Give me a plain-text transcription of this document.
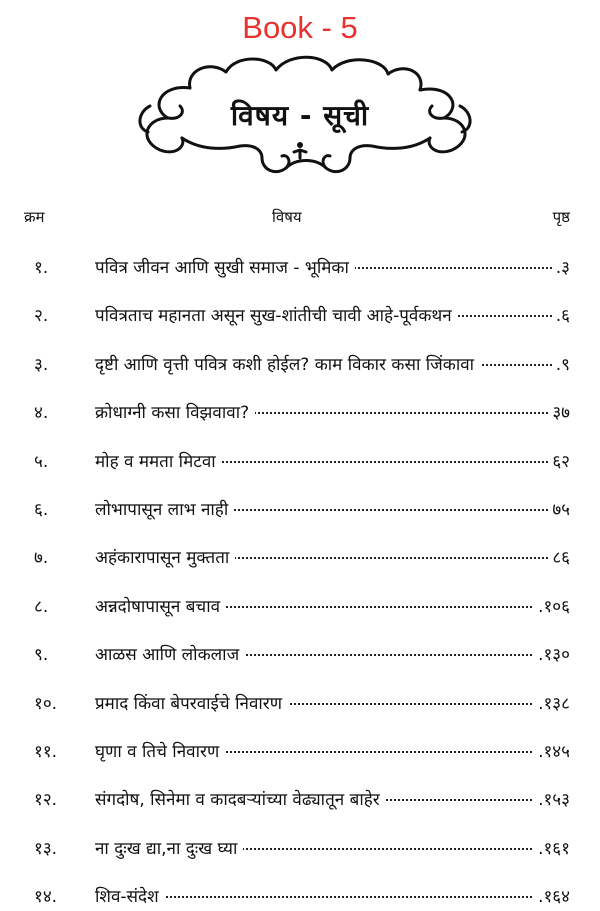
Book - 5
विषय - सूची
क्रम	विषय	पृष्ठ
१.	पवित्र जीवन आणि सुखी समाज - भूमिका	.३
२.	पवित्रताच महानता असून सुख-शांतीची चावी आहे-पूर्वकथन	.६
३.	दृष्टी आणि वृत्ती पवित्र कशी होईल? काम विकार कसा जिंकावा	.९
४.	क्रोधाग्नी कसा विझवावा?	३७
५.	मोह व ममता मिटवा	६२
६.	लोभापासून लाभ नाही	७५
७.	अहंकारापासून मुक्तता	८६
८.	अन्नदोषापासून बचाव	.१०६
९.	आळस आणि लोकलाज	.१३०
१०.	प्रमाद किंवा बेपरवाईचे निवारण	.१३८
११.	घृणा व तिचे निवारण	.१४५
१२.	संगदोष, सिनेमा व कादबऱ्यांच्या वेढ्यातून बाहेर	.१५३
१३.	ना दुःख द्या,ना दुःख घ्या	.१६१
१४.	शिव-संदेश	.१६४
